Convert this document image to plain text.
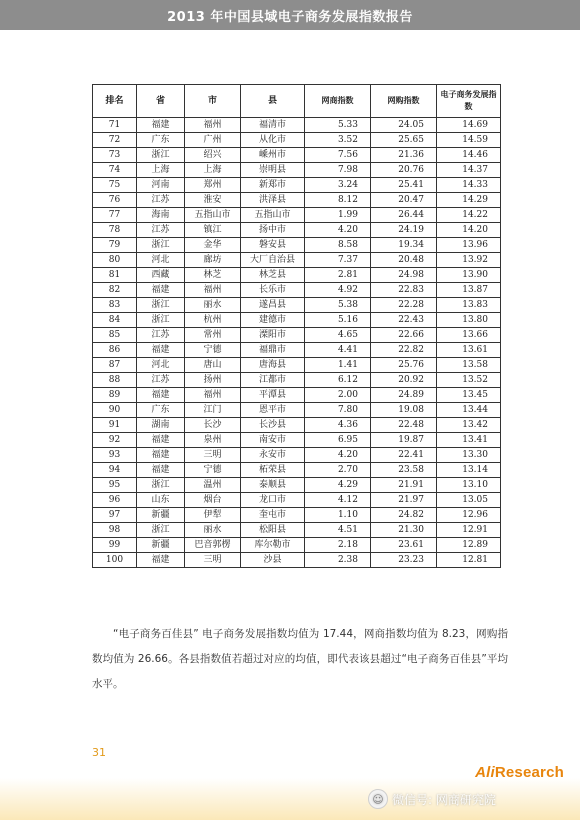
2013 年中国县域电子商务发展指数报告
排名	省	市	县	网商指数	网购指数	电子商务发展指数
71	福建	福州	福清市	5.33	24.05	14.69
72	广东	广州	从化市	3.52	25.65	14.59
73	浙江	绍兴	嵊州市	7.56	21.36	14.46
74	上海	上海	崇明县	7.98	20.76	14.37
75	河南	郑州	新郑市	3.24	25.41	14.33
76	江苏	淮安	洪泽县	8.12	20.47	14.29
77	海南	五指山市	五指山市	1.99	26.44	14.22
78	江苏	镇江	扬中市	4.20	24.19	14.20
79	浙江	金华	磐安县	8.58	19.34	13.96
80	河北	廊坊	大厂自治县	7.37	20.48	13.92
81	西藏	林芝	林芝县	2.81	24.98	13.90
82	福建	福州	长乐市	4.92	22.83	13.87
83	浙江	丽水	遂昌县	5.38	22.28	13.83
84	浙江	杭州	建德市	5.16	22.43	13.80
85	江苏	常州	溧阳市	4.65	22.66	13.66
86	福建	宁德	福鼎市	4.41	22.82	13.61
87	河北	唐山	唐海县	1.41	25.76	13.58
88	江苏	扬州	江都市	6.12	20.92	13.52
89	福建	福州	平潭县	2.00	24.89	13.45
90	广东	江门	恩平市	7.80	19.08	13.44
91	湖南	长沙	长沙县	4.36	22.48	13.42
92	福建	泉州	南安市	6.95	19.87	13.41
93	福建	三明	永安市	4.20	22.41	13.30
94	福建	宁德	柘荣县	2.70	23.58	13.14
95	浙江	温州	泰顺县	4.29	21.91	13.10
96	山东	烟台	龙口市	4.12	21.97	13.05
97	新疆	伊犁	奎屯市	1.10	24.82	12.96
98	浙江	丽水	松阳县	4.51	21.30	12.91
99	新疆	巴音郭楞	库尔勒市	2.18	23.61	12.89
100	福建	三明	沙县	2.38	23.23	12.81

“电子商务百佳县” 电子商务发展指数均值为 17.44，网商指数均值为 8.23，网购指数均值为 26.66。各县指数值若超过对应的均值，即代表该县超过“电子商务百佳县”平均水平。

31
AliResearch
☺ 微信号: 网商研究院
